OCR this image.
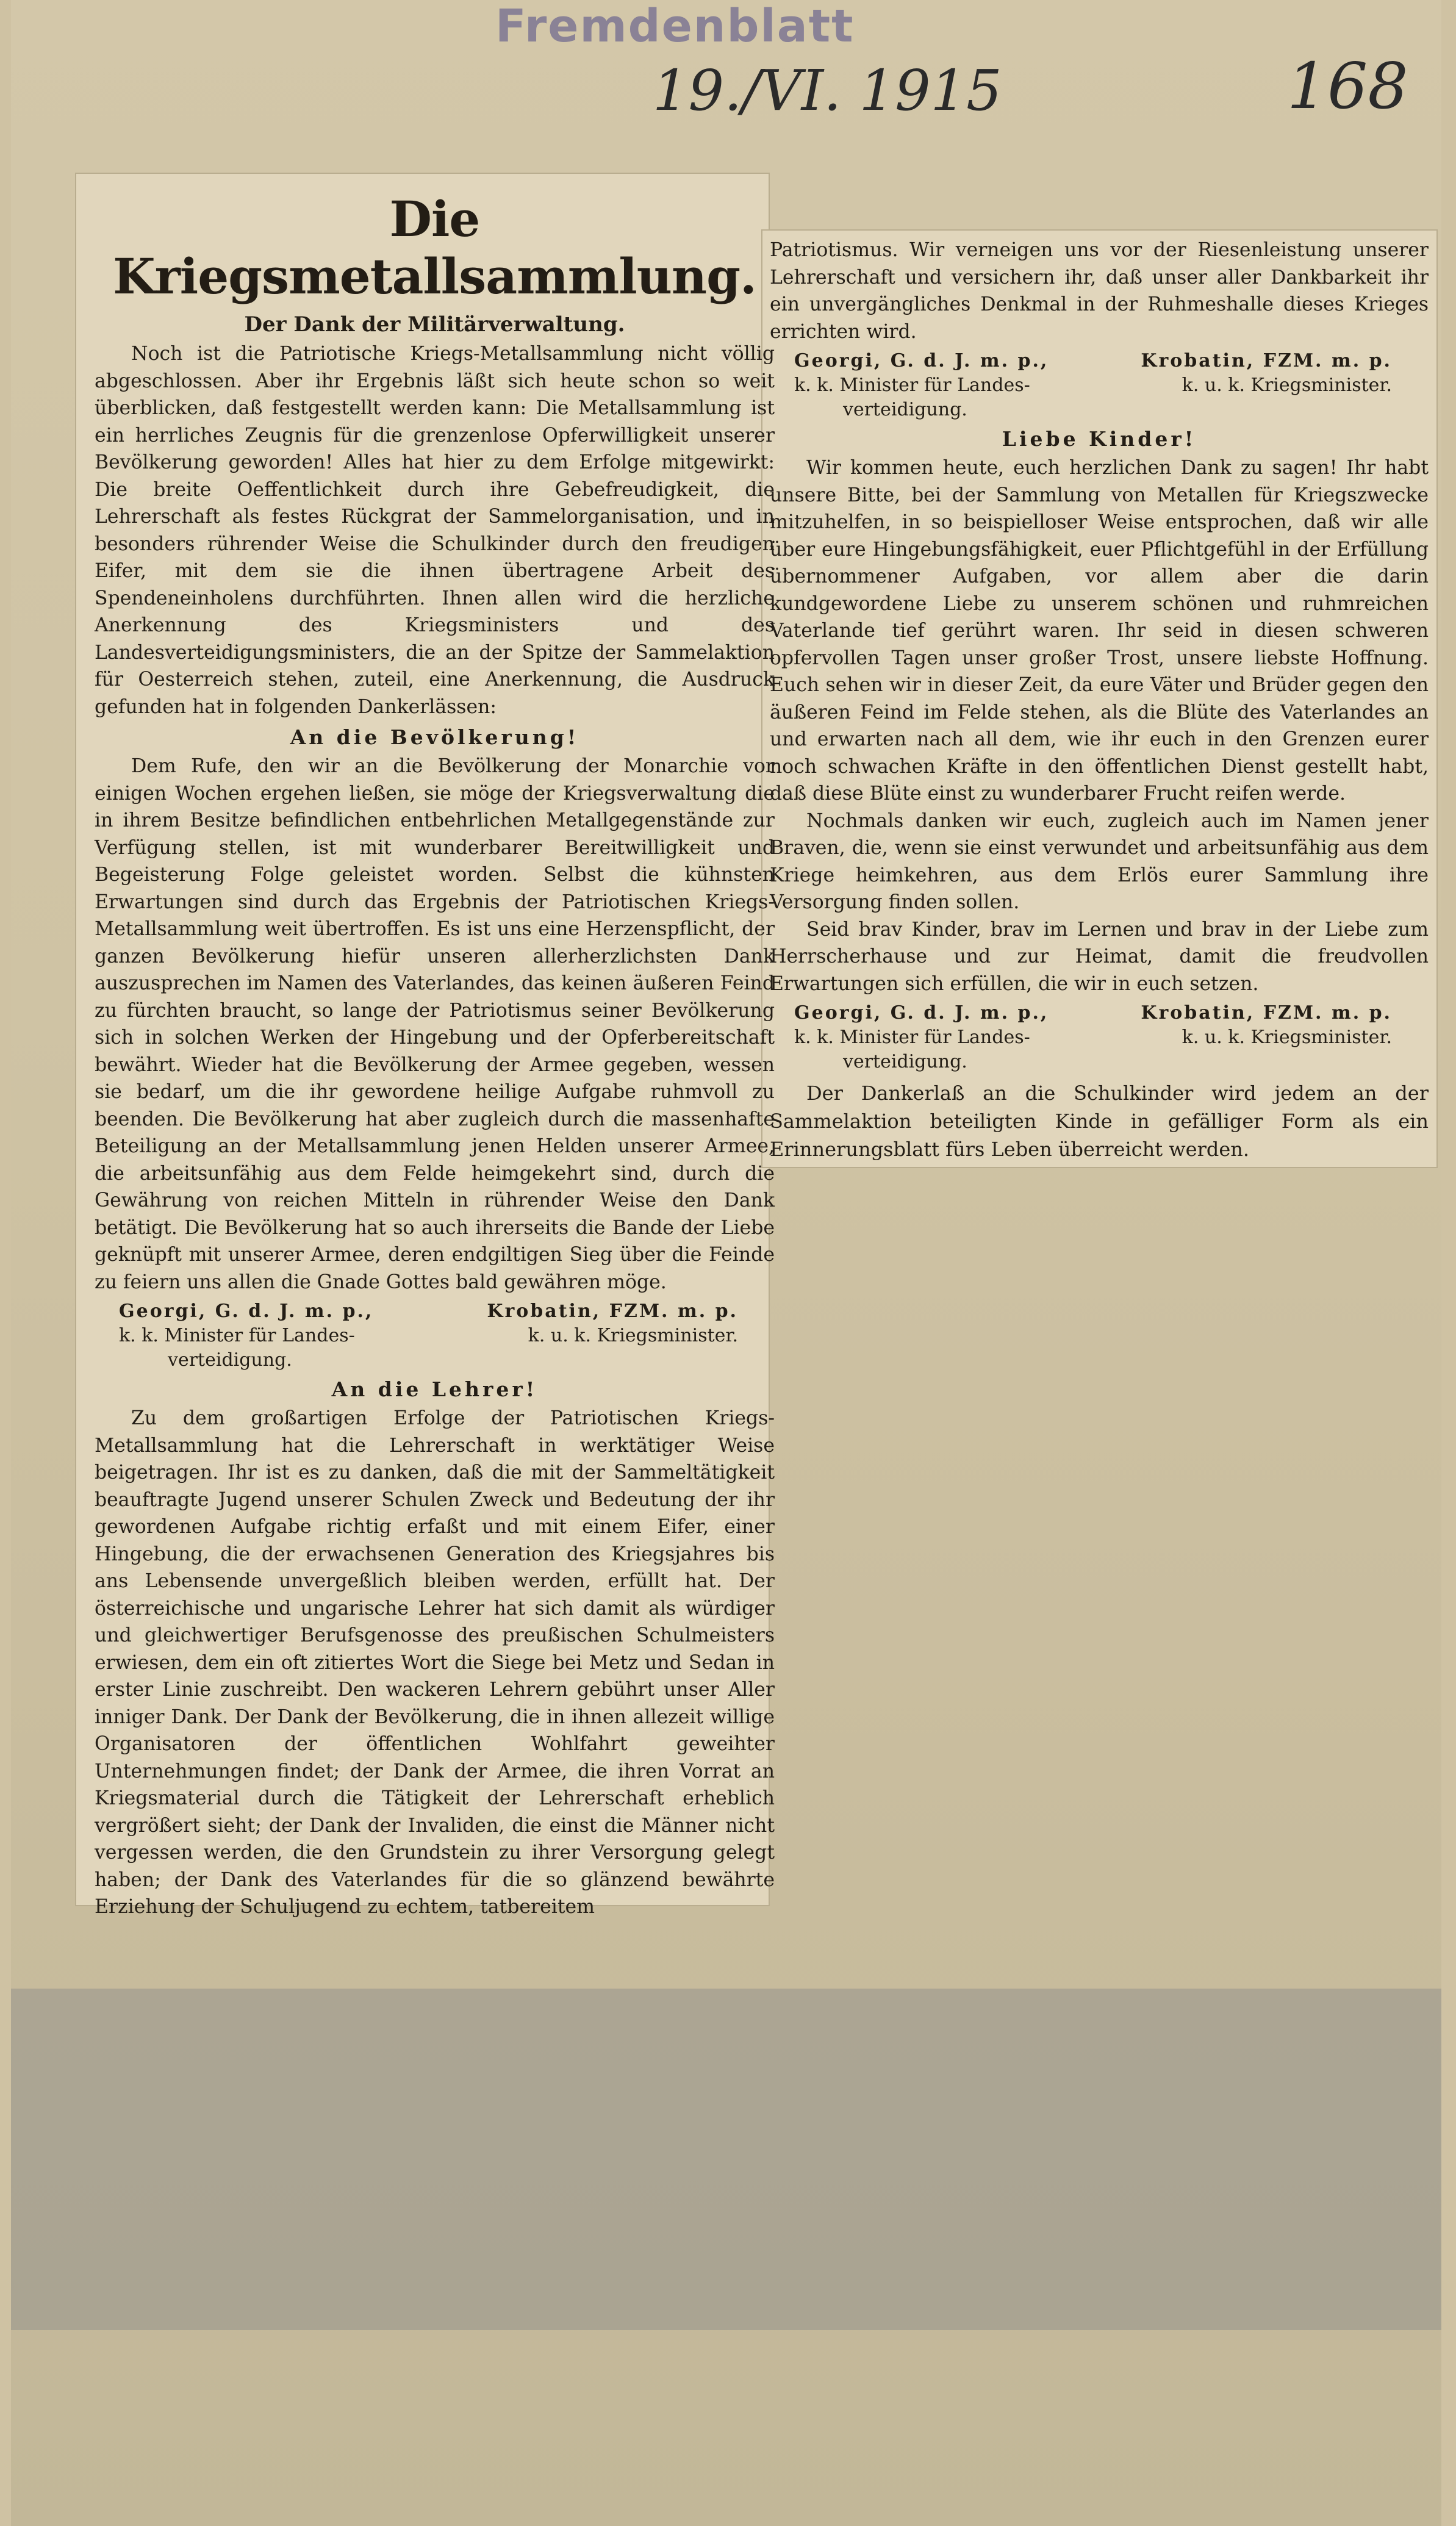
Fremdenblatt
19./VI. 1915	168
Die Kriegsmetallsammlung.
Der Dank der Militärverwaltung.

Noch ist die Patriotische Kriegs-Metallsammlung nicht völlig abgeschlossen. Aber ihr Ergebnis läßt sich heute schon so weit überblicken, daß festgestellt werden kann: Die Metallsammlung ist ein herrliches Zeugnis für die grenzenlose Opferwilligkeit unserer Bevölkerung geworden! Alles hat hier zu dem Erfolge mitgewirkt: Die breite Oeffentlichkeit durch ihre Gebefreudigkeit, die Lehrerschaft als festes Rückgrat der Sammelorganisation, und in besonders rührender Weise die Schulkinder durch den freudigen Eifer, mit dem sie die ihnen übertragene Arbeit des Spendeneinholens durchführten. Ihnen allen wird die herzliche Anerkennung des Kriegsministers und des Landesverteidigungsministers, die an der Spitze der Sammelaktion für Oesterreich stehen, zuteil, eine Anerkennung, die Ausdruck gefunden hat in folgenden Dankerlässen:

An die Bevölkerung!

Dem Rufe, den wir an die Bevölkerung der Monarchie vor einigen Wochen ergehen ließen, sie möge der Kriegsverwaltung die in ihrem Besitze befindlichen entbehrlichen Metallgegenstände zur Verfügung stellen, ist mit wunderbarer Bereitwilligkeit und Begeisterung Folge geleistet worden. Selbst die kühnsten Erwartungen sind durch das Ergebnis der Patriotischen Kriegs-Metallsammlung weit übertroffen. Es ist uns eine Herzenspflicht, der ganzen Bevölkerung hiefür unseren allerherzlichsten Dank auszusprechen im Namen des Vaterlandes, das keinen äußeren Feind zu fürchten braucht, so lange der Patriotismus seiner Bevölkerung sich in solchen Werken der Hingebung und der Opferbereitschaft bewährt. Wieder hat die Bevölkerung der Armee gegeben, wessen sie bedarf, um die ihr gewordene heilige Aufgabe ruhmvoll zu beenden. Die Bevölkerung hat aber zugleich durch die massenhafte Beteiligung an der Metallsammlung jenen Helden unserer Armee, die arbeitsunfähig aus dem Felde heimgekehrt sind, durch die Gewährung von reichen Mitteln in rührender Weise den Dank betätigt. Die Bevölkerung hat so auch ihrerseits die Bande der Liebe geknüpft mit unserer Armee, deren endgiltigen Sieg über die Feinde zu feiern uns allen die Gnade Gottes bald gewähren möge.

Georgi, G. d. J. m. p.,	Krobatin, FZM. m. p.
k. k. Minister für Landes-	k. u. k. Kriegsminister.
verteidigung.
An die Lehrer!

Zu dem großartigen Erfolge der Patriotischen Kriegs-Metallsammlung hat die Lehrerschaft in werktätiger Weise beigetragen. Ihr ist es zu danken, daß die mit der Sammeltätigkeit beauftragte Jugend unserer Schulen Zweck und Bedeutung der ihr gewordenen Aufgabe richtig erfaßt und mit einem Eifer, einer Hingebung, die der erwachsenen Generation des Kriegsjahres bis ans Lebensende unvergeßlich bleiben werden, erfüllt hat. Der österreichische und ungarische Lehrer hat sich damit als würdiger und gleichwertiger Berufsgenosse des preußischen Schulmeisters erwiesen, dem ein oft zitiertes Wort die Siege bei Metz und Sedan in erster Linie zuschreibt. Den wackeren Lehrern gebührt unser Aller inniger Dank. Der Dank der Bevölkerung, die in ihnen allezeit willige Organisatoren der öffentlichen Wohlfahrt geweihter Unternehmungen findet; der Dank der Armee, die ihren Vorrat an Kriegsmaterial durch die Tätigkeit der Lehrerschaft erheblich vergrößert sieht; der Dank der Invaliden, die einst die Männer nicht vergessen werden, die den Grundstein zu ihrer Versorgung gelegt haben; der Dank des Vaterlandes für die so glänzend bewährte Erziehung der Schuljugend zu echtem, tatbereitem

Patriotismus. Wir verneigen uns vor der Riesenleistung unserer Lehrerschaft und versichern ihr, daß unser aller Dankbarkeit ihr ein unvergängliches Denkmal in der Ruhmeshalle dieses Krieges errichten wird.

Georgi, G. d. J. m. p.,	Krobatin, FZM. m. p.
k. k. Minister für Landes-	k. u. k. Kriegsminister.
verteidigung.
Liebe Kinder!

Wir kommen heute, euch herzlichen Dank zu sagen! Ihr habt unsere Bitte, bei der Sammlung von Metallen für Kriegszwecke mitzuhelfen, in so beispielloser Weise entsprochen, daß wir alle über eure Hingebungsfähigkeit, euer Pflichtgefühl in der Erfüllung übernommener Aufgaben, vor allem aber die darin kundgewordene Liebe zu unserem schönen und ruhmreichen Vaterlande tief gerührt waren. Ihr seid in diesen schweren opfervollen Tagen unser großer Trost, unsere liebste Hoffnung. Euch sehen wir in dieser Zeit, da eure Väter und Brüder gegen den äußeren Feind im Felde stehen, als die Blüte des Vaterlandes an und erwarten nach all dem, wie ihr euch in den Grenzen eurer noch schwachen Kräfte in den öffentlichen Dienst gestellt habt, daß diese Blüte einst zu wunderbarer Frucht reifen werde.

Nochmals danken wir euch, zugleich auch im Namen jener Braven, die, wenn sie einst verwundet und arbeitsunfähig aus dem Kriege heimkehren, aus dem Erlös eurer Sammlung ihre Versorgung finden sollen.

Seid brav Kinder, brav im Lernen und brav in der Liebe zum Herrscherhause und zur Heimat, damit die freudvollen Erwartungen sich erfüllen, die wir in euch setzen.

Georgi, G. d. J. m. p.,	Krobatin, FZM. m. p.
k. k. Minister für Landes-	k. u. k. Kriegsminister.
verteidigung.

Der Dankerlaß an die Schulkinder wird jedem an der Sammelaktion beteiligten Kinde in gefälliger Form als ein Erinnerungsblatt fürs Leben überreicht werden.
